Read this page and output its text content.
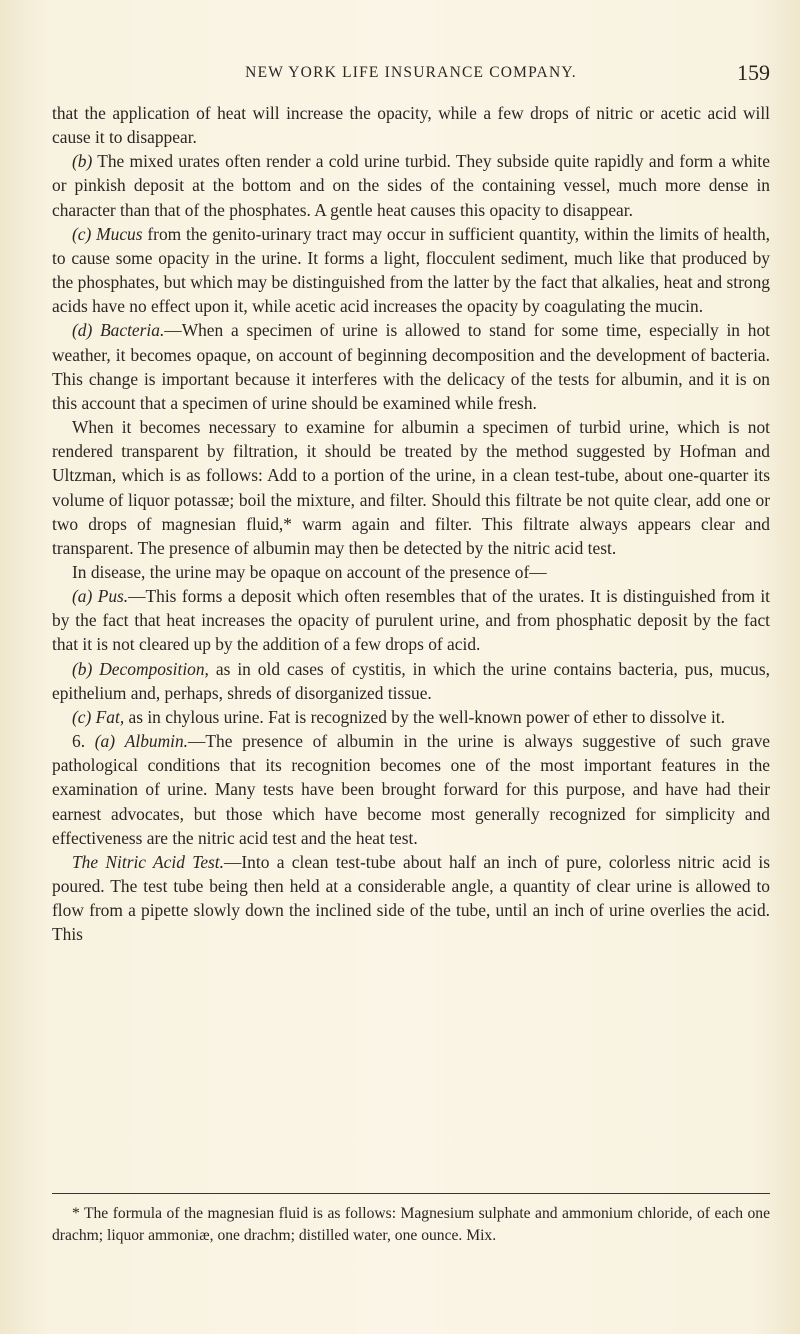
NEW YORK LIFE INSURANCE COMPANY.	159

that the application of heat will increase the opacity, while a few drops of nitric or acetic acid will cause it to disappear.

(b) The mixed urates often render a cold urine turbid. They subside quite rapidly and form a white or pinkish deposit at the bottom and on the sides of the containing vessel, much more dense in character than that of the phosphates. A gentle heat causes this opacity to disappear.

(c) Mucus from the genito-urinary tract may occur in sufficient quantity, within the limits of health, to cause some opacity in the urine. It forms a light, flocculent sediment, much like that produced by the phosphates, but which may be distinguished from the latter by the fact that alkalies, heat and strong acids have no effect upon it, while acetic acid increases the opacity by coagulating the mucin.

(d) Bacteria.—When a specimen of urine is allowed to stand for some time, especially in hot weather, it becomes opaque, on account of beginning decomposition and the development of bacteria. This change is important because it interferes with the delicacy of the tests for albumin, and it is on this account that a specimen of urine should be examined while fresh.

When it becomes necessary to examine for albumin a specimen of turbid urine, which is not rendered transparent by filtration, it should be treated by the method suggested by Hofman and Ultzman, which is as follows: Add to a portion of the urine, in a clean test-tube, about one-quarter its volume of liquor potassæ; boil the mixture, and filter. Should this filtrate be not quite clear, add one or two drops of magnesian fluid,* warm again and filter. This filtrate always appears clear and transparent. The presence of albumin may then be detected by the nitric acid test.

In disease, the urine may be opaque on account of the presence of—

(a) Pus.—This forms a deposit which often resembles that of the urates. It is distinguished from it by the fact that heat increases the opacity of purulent urine, and from phosphatic deposit by the fact that it is not cleared up by the addition of a few drops of acid.

(b) Decomposition, as in old cases of cystitis, in which the urine contains bacteria, pus, mucus, epithelium and, perhaps, shreds of disorganized tissue.

(c) Fat, as in chylous urine. Fat is recognized by the well-known power of ether to dissolve it.

6. (a) Albumin.—The presence of albumin in the urine is always suggestive of such grave pathological conditions that its recognition becomes one of the most important features in the examination of urine. Many tests have been brought forward for this purpose, and have had their earnest advocates, but those which have become most generally recognized for simplicity and effectiveness are the nitric acid test and the heat test.

The Nitric Acid Test.—Into a clean test-tube about half an inch of pure, colorless nitric acid is poured. The test tube being then held at a considerable angle, a quantity of clear urine is allowed to flow from a pipette slowly down the inclined side of the tube, until an inch of urine overlies the acid. This

* The formula of the magnesian fluid is as follows: Magnesium sulphate and ammonium chloride, of each one drachm; liquor ammoniæ, one drachm; distilled water, one ounce. Mix.
